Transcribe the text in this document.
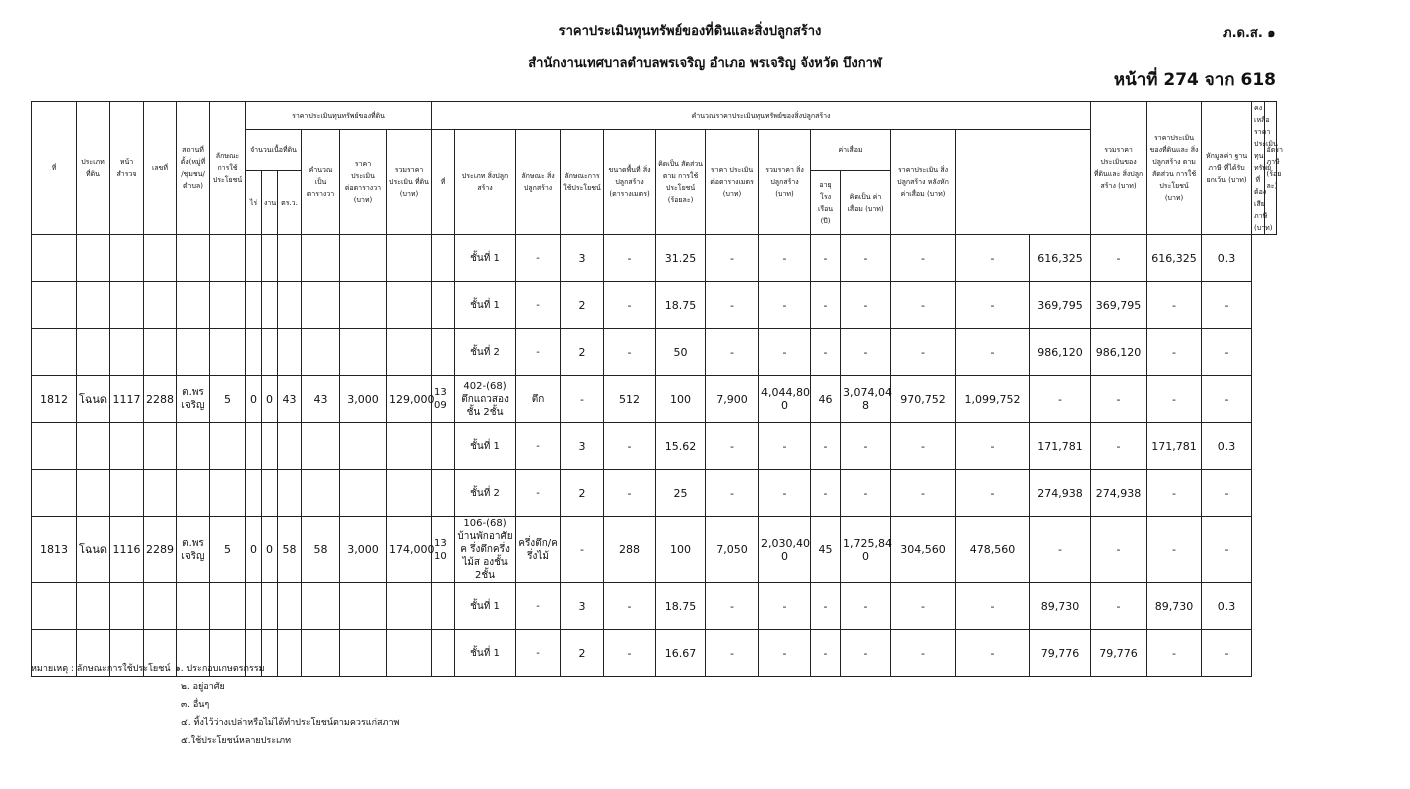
ราคาประเมินทุนทรัพย์ของที่ดินและสิ่งปลูกสร้าง
สำนักงานเทศบาลตำบลพรเจริญ อำเภอ พรเจริญ จังหวัด บึงกาฬ
ภ.ด.ส. ๑
หน้าที่ 274 จาก 618
ที่	ประเภท ที่ดิน	หน้า สำรวจ	เลขที่	สถานที่ ตั้ง(หมู่ที่ /ชุมชน/ ตำบล)	ลักษณะ การใช้ ประโยชน์	ราคาประเมินทุนทรัพย์ของที่ดิน						คำนวณราคาประเมินทุนทรัพย์ของสิ่งปลูกสร้าง													รวมราคา ประเมินของ ที่ดินและ สิ่งปลูกสร้าง (บาท)	ราคาประเมิน ของที่ดินและ สิ่งปลูกสร้าง ตามสัดส่วน การใช้ประโยชน์ (บาท)	หักมูลค่า ฐานภาษี ที่ได้รับ ยกเว้น (บาท)	คงเหลือ ราคาประเมิน ทุนทรัพย์ ที่ต้องเสียภาษี (บาท)	อัตราภาษี (ร้อยละ)
						จำนวนเนื้อที่ดิน			คำนวณ เป็น ตารางวา	ราคา ประเมิน ต่อตารางวา (บาท)	รวมราคา ประเมิน ที่ดิน (บาท)	ที่	ประเภท สิ่งปลูกสร้าง	ลักษณะ สิ่งปลูกสร้าง	ลักษณะการ ใช้ประโยชน์	ขนาดพื้นที่ สิ่งปลูกสร้าง (ตารางเมตร)	คิดเป็น สัดส่วนตาม การใช้ ประโยชน์ (ร้อยละ)	ราคา ประเมิน ต่อตารางเมตร (บาท)	รวมราคา สิ่งปลูกสร้าง (บาท)	ค่าเสื่อม		ราคาประเมิน สิ่งปลูกสร้าง หลังหัก ค่าเสื่อม (บาท)							
						ไร่	งาน	ตร.ว.												อายุ โรงเรือน (ปี)	คิดเป็น ค่าเสื่อม (บาท)								
													ชั้นที่ 1	-	3	-	31.25	-	-	-	-	-	-	616,325	-	616,325	0.3		
													ชั้นที่ 1	-	2	-	18.75	-	-	-	-	-	-	369,795	369,795	-	-		
													ชั้นที่ 2	-	2	-	50	-	-	-	-	-	-	986,120	986,120	-	-		
1812	โฉนด	1117	2288	ต.พร เจริญ	5	0	0	43	43	3,000	129,000	13 09	402-(68) ตึกแถวสองชั้น 2ชั้น	ตึก	-	512	100	7,900	4,044,80 0	46	3,074,04 8	970,752	1,099,752	-	-	-	-		
													ชั้นที่ 1	-	3	-	15.62	-	-	-	-	-	-	171,781	-	171,781	0.3		
													ชั้นที่ 2	-	2	-	25	-	-	-	-	-	-	274,938	274,938	-	-		
1813	โฉนด	1116	2289	ต.พร เจริญ	5	0	0	58	58	3,000	174,000	13 10	106-(68) บ้านพักอาศัยค รึ่งตึกครึ่งไม้ส องชั้น 2ชั้น	ครึ่งตึก/ค รึ่งไม้	-	288	100	7,050	2,030,40 0	45	1,725,84 0	304,560	478,560	-	-	-	-		
													ชั้นที่ 1	-	3	-	18.75	-	-	-	-	-	-	89,730	-	89,730	0.3		
													ชั้นที่ 1	-	2	-	16.67	-	-	-	-	-	-	79,776	79,776	-	-		
หมายเหตุ : ลักษณะการใช้ประโยชน์ ๑. ประกอบเกษตรกรรม
๒. อยู่อาศัย
๓. อื่นๆ
๔. ทิ้งไว้ว่างเปล่าหรือไม่ได้ทำประโยชน์ตามควรแก่สภาพ
๕.ใช้ประโยชน์หลายประเภท
